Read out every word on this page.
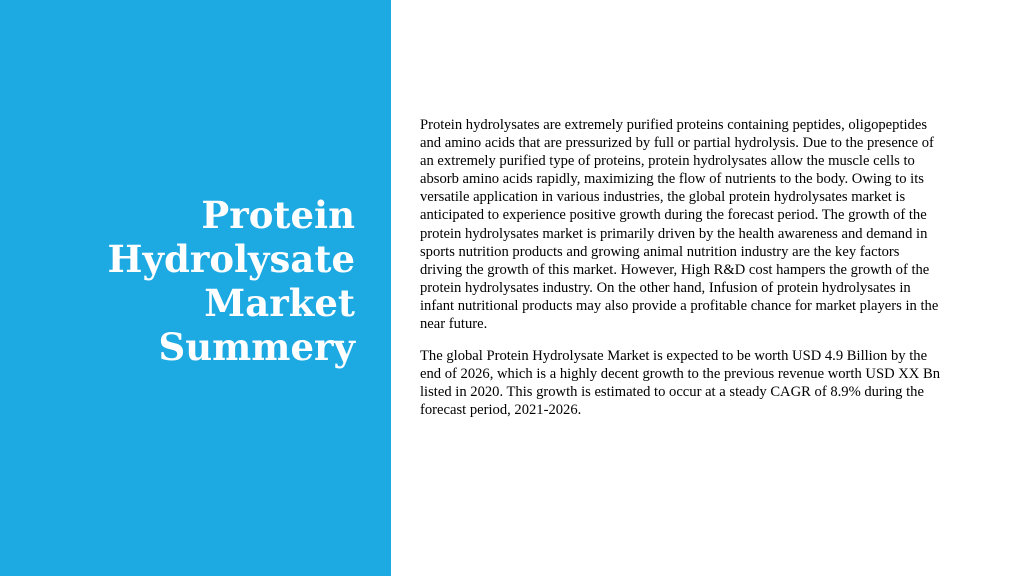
Protein
Hydrolysate
Market
Summery

Protein hydrolysates are extremely purified proteins containing peptides, oligopeptides and amino acids that are pressurized by full or partial hydrolysis. Due to the presence of an extremely purified type of proteins, protein hydrolysates allow the muscle cells to absorb amino acids rapidly, maximizing the flow of nutrients to the body. Owing to its versatile application in various industries, the global protein hydrolysates market is anticipated to experience positive growth during the forecast period. The growth of the protein hydrolysates market is primarily driven by the health awareness and demand in sports nutrition products and growing animal nutrition industry are the key factors driving the growth of this market. However, High R&D cost hampers the growth of the protein hydrolysates industry. On the other hand, Infusion of protein hydrolysates in infant nutritional products may also provide a profitable chance for market players in the near future.

The global Protein Hydrolysate Market is expected to be worth USD 4.9 Billion by the end of 2026, which is a highly decent growth to the previous revenue worth USD XX Bn listed in 2020. This growth is estimated to occur at a steady CAGR of 8.9% during the forecast period, 2021-2026.
